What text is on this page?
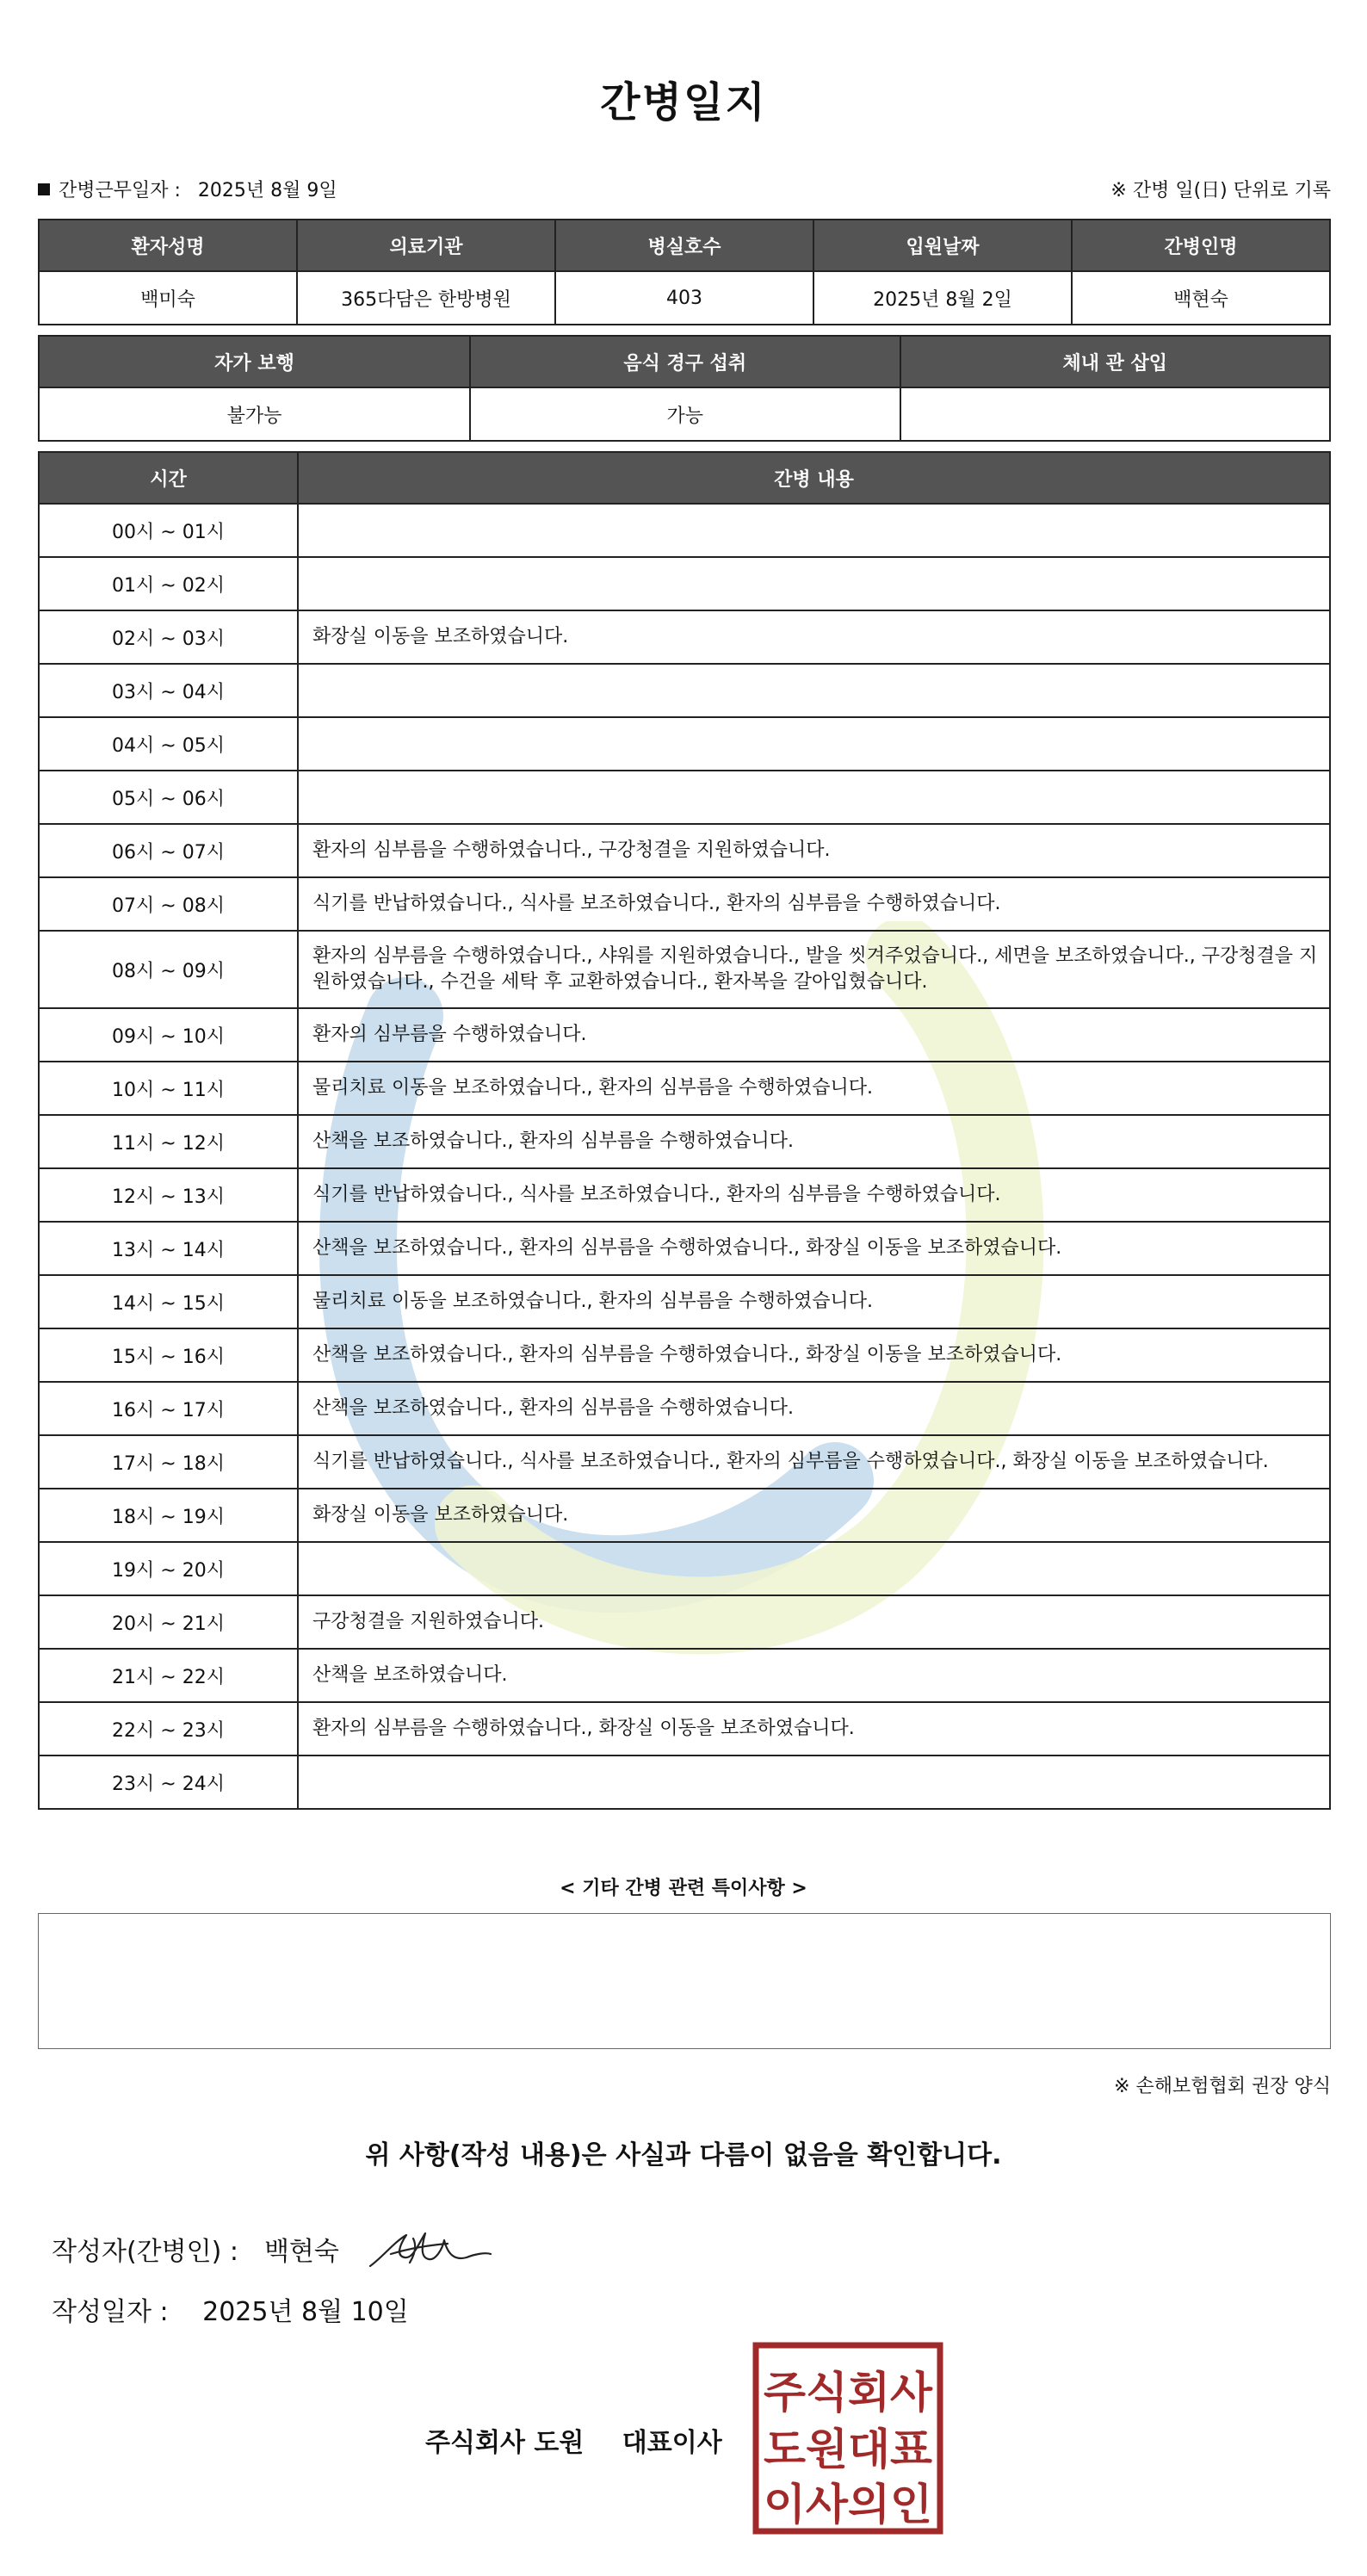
간병일지
간병근무일자 : 2025년 8월 9일	※ 간병 일(日) 단위로 기록
환자성명	의료기관	병실호수	입원날짜	간병인명
백미숙	365다담은 한방병원	403	2025년 8월 2일	백현숙
자가 보행	음식 경구 섭취	체내 관 삽입
불가능	가능	
시간	간병 내용
00시 ~ 01시	
01시 ~ 02시	
02시 ~ 03시	화장실 이동을 보조하였습니다.
03시 ~ 04시	
04시 ~ 05시	
05시 ~ 06시	
06시 ~ 07시	환자의 심부름을 수행하였습니다., 구강청결을 지원하였습니다.
07시 ~ 08시	식기를 반납하였습니다., 식사를 보조하였습니다., 환자의 심부름을 수행하였습니다.
08시 ~ 09시	환자의 심부름을 수행하였습니다., 샤워를 지원하였습니다., 발을 씻겨주었습니다., 세면을 보조하였습니다., 구강청결을 지원하였습니다., 수건을 세탁 후 교환하였습니다., 환자복을 갈아입혔습니다.
09시 ~ 10시	환자의 심부름을 수행하였습니다.
10시 ~ 11시	물리치료 이동을 보조하였습니다., 환자의 심부름을 수행하였습니다.
11시 ~ 12시	산책을 보조하였습니다., 환자의 심부름을 수행하였습니다.
12시 ~ 13시	식기를 반납하였습니다., 식사를 보조하였습니다., 환자의 심부름을 수행하였습니다.
13시 ~ 14시	산책을 보조하였습니다., 환자의 심부름을 수행하였습니다., 화장실 이동을 보조하였습니다.
14시 ~ 15시	물리치료 이동을 보조하였습니다., 환자의 심부름을 수행하였습니다.
15시 ~ 16시	산책을 보조하였습니다., 환자의 심부름을 수행하였습니다., 화장실 이동을 보조하였습니다.
16시 ~ 17시	산책을 보조하였습니다., 환자의 심부름을 수행하였습니다.
17시 ~ 18시	식기를 반납하였습니다., 식사를 보조하였습니다., 환자의 심부름을 수행하였습니다., 화장실 이동을 보조하였습니다.
18시 ~ 19시	화장실 이동을 보조하였습니다.
19시 ~ 20시	
20시 ~ 21시	구강청결을 지원하였습니다.
21시 ~ 22시	산책을 보조하였습니다.
22시 ~ 23시	환자의 심부름을 수행하였습니다., 화장실 이동을 보조하였습니다.
23시 ~ 24시	
< 기타 간병 관련 특이사항 >
※ 손해보험협회 권장 양식
위 사항(작성 내용)은 사실과 다름이 없음을 확인합니다.
작성자(간병인) : 백현숙
작성일자 : 2025년 8월 10일
주식회사 도원 대표이사
주식회사
도원대표
이사의인
